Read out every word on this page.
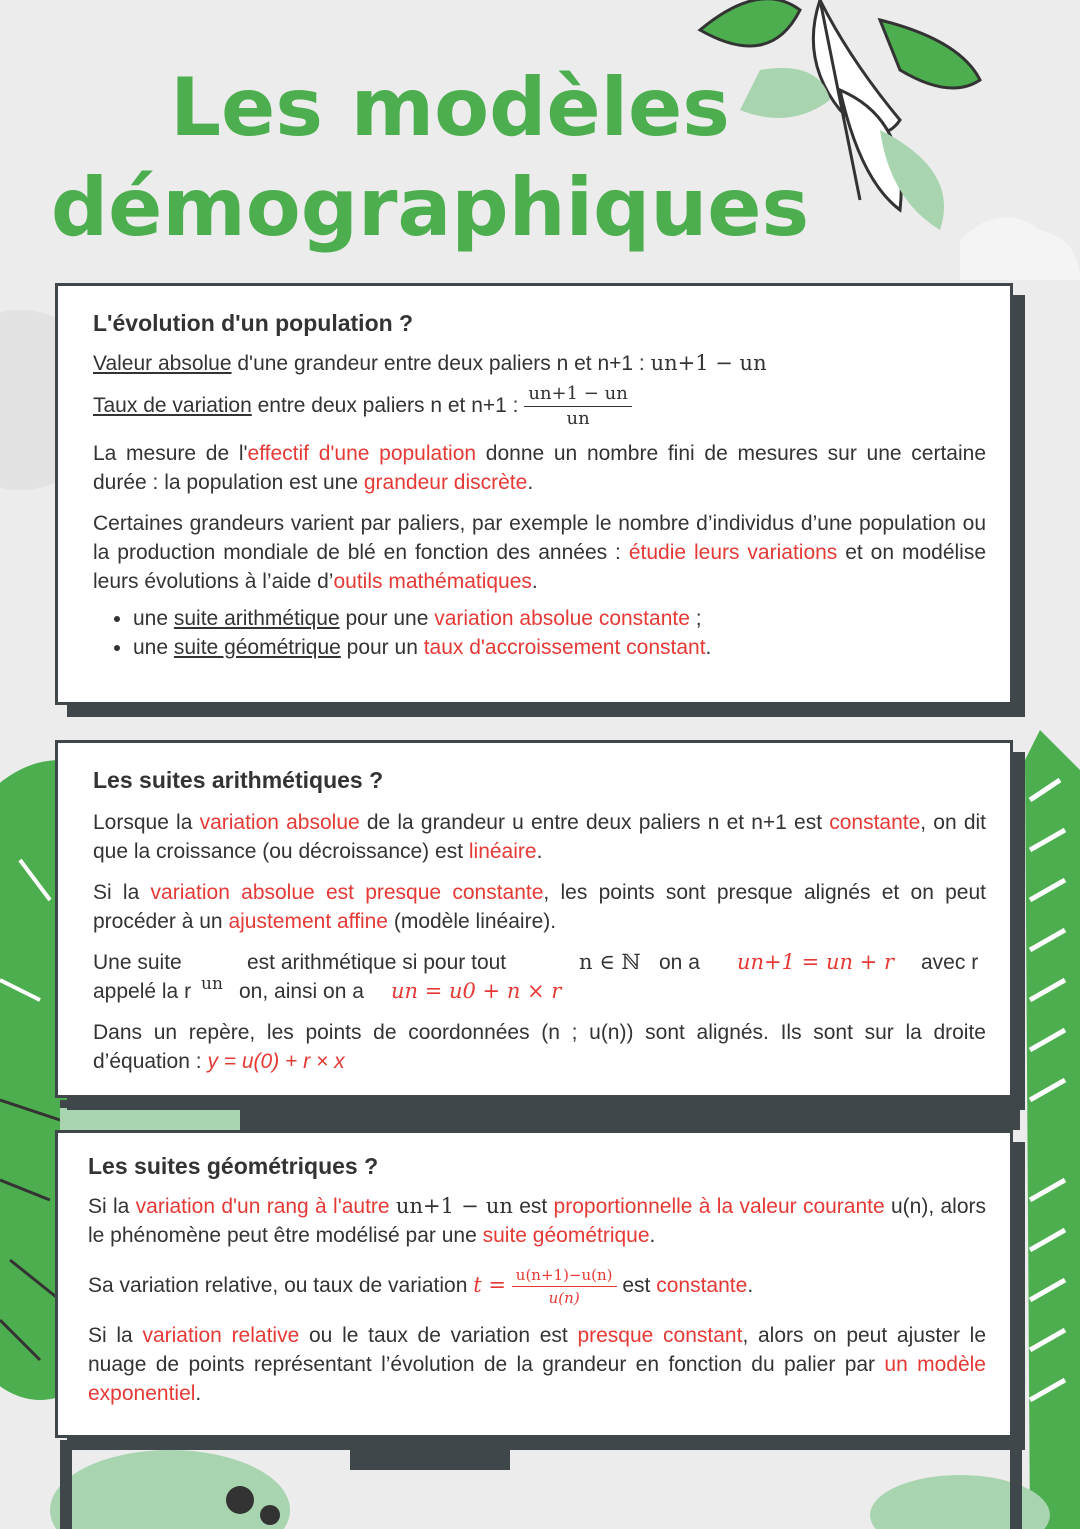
Les modèles
démographiques
L'évolution d'un population ?

Valeur absolue d'une grandeur entre deux paliers n et n+1 : un+1 − un

Taux de variation entre deux paliers n et n+1 : $\frac{un+1 - un}{un}$

La mesure de l'effectif d'une population donne un nombre fini de mesures sur une certaine durée : la population est une grandeur discrète.

Certaines grandeurs varient par paliers, par exemple le nombre d’individus d’une population ou la production mondiale de blé en fonction des années : étudie leurs variations et on modélise leurs évolutions à l’aide d’outils mathématiques.

• une suite arithmétique pour une variation absolue constante ;
• une suite géométrique pour un taux d'accroissement constant.
Les suites arithmétiques ?

Lorsque la variation absolue de la grandeur u entre deux paliers n et n+1 est constante, on dit que la croissance (ou décroissance) est linéaire.

Si la variation absolue est presque constante, les points sont presque alignés et on peut procéder à un ajustement affine (modèle linéaire).

Une suite	est arithmétique si pour tout	n ∈ ℕ on a un+1 = un + r avec r
appelé la r un on, ainsi on a un = u0 + n × r

Dans un repère, les points de coordonnées (n ; u(n)) sont alignés. Ils sont sur la droite d’équation : y = u(0) + r × x

Les suites géométriques ?

Si la variation d'un rang à l'autre un+1 − un est proportionnelle à la valeur courante u(n), alors le phénomène peut être modélisé par une suite géométrique.

Sa variation relative, ou taux de variation $t = \frac{u(n+1)-u(n)}{u(n)}$ est constante.

Si la variation relative ou le taux de variation est presque constant, alors on peut ajuster le nuage de points représentant l’évolution de la grandeur en fonction du palier par un modèle exponentiel.
